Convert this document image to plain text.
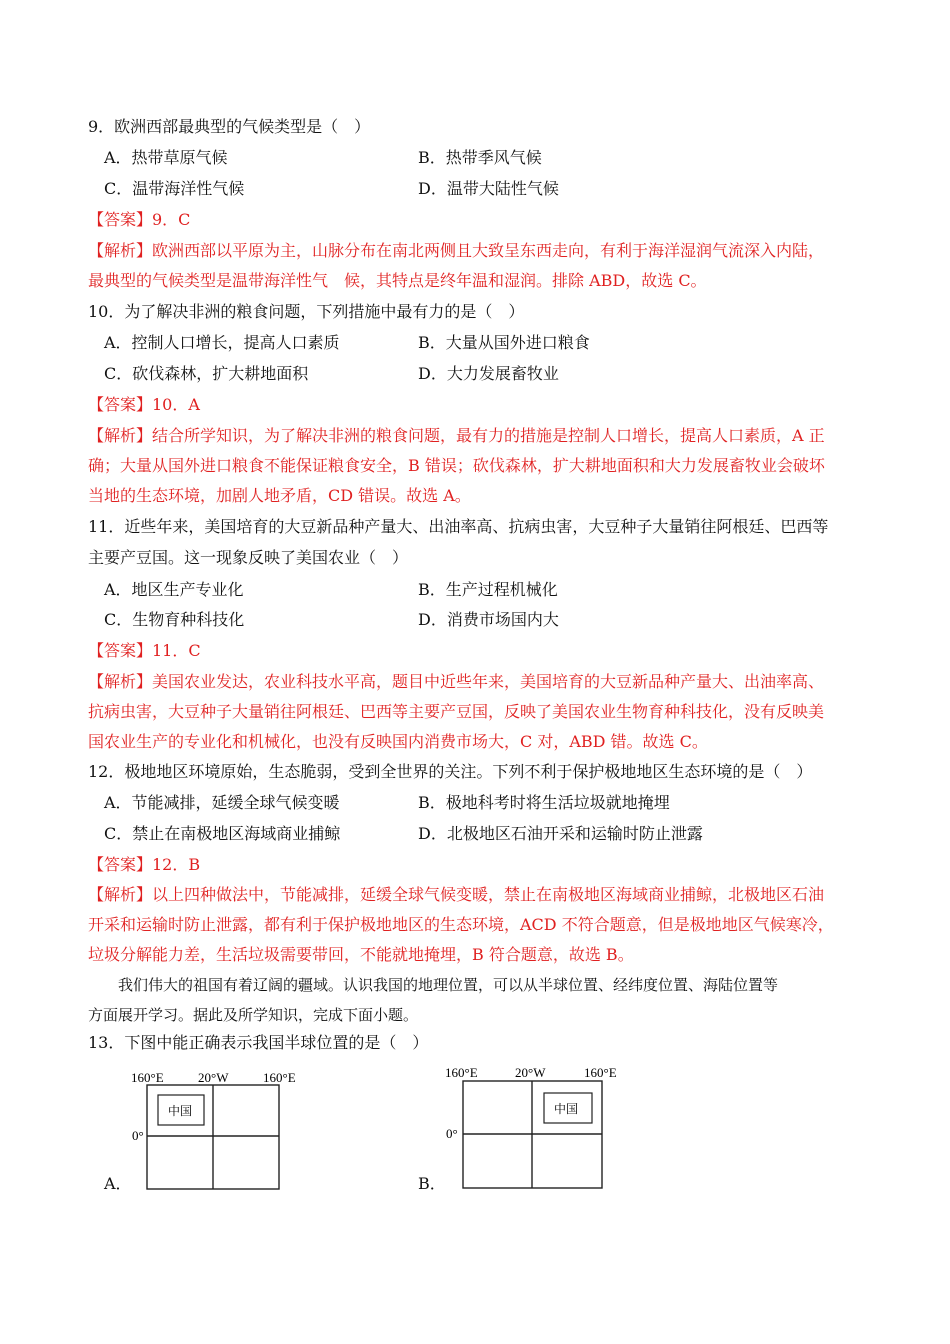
9．欧洲西部最典型的气候类型是（　）
A．热带草原气候	B．热带季风气候
C．温带海洋性气候	D．温带大陆性气候
【答案】9．C
【解析】欧洲西部以平原为主，山脉分布在南北两侧且大致呈东西走向，有利于海洋湿润气流深入内陆，
最典型的气候类型是温带海洋性气　候，其特点是终年温和湿润。排除 ABD，故选 C。
10．为了解决非洲的粮食问题，下列措施中最有力的是（　）
A．控制人口增长，提高人口素质	B．大量从国外进口粮食
C．砍伐森林，扩大耕地面积	D．大力发展畜牧业
【答案】10．A
【解析】结合所学知识，为了解决非洲的粮食问题，最有力的措施是控制人口增长，提高人口素质，A 正
确；大量从国外进口粮食不能保证粮食安全，B 错误；砍伐森林，扩大耕地面积和大力发展畜牧业会破坏
当地的生态环境，加剧人地矛盾，CD 错误。故选 A。
11．近些年来，美国培育的大豆新品种产量大、出油率高、抗病虫害，大豆种子大量销往阿根廷、巴西等
主要产豆国。这一现象反映了美国农业（　）
A．地区生产专业化	B．生产过程机械化
C．生物育种科技化	D．消费市场国内大
【答案】11．C
【解析】美国农业发达，农业科技水平高，题目中近些年来，美国培育的大豆新品种产量大、出油率高、
抗病虫害，大豆种子大量销往阿根廷、巴西等主要产豆国，反映了美国农业生物育种科技化，没有反映美
国农业生产的专业化和机械化，也没有反映国内消费市场大，C 对，ABD 错。故选 C。
12．极地地区环境原始，生态脆弱，受到全世界的关注。下列不利于保护极地地区生态环境的是（　）
A．节能减排，延缓全球气候变暖	B．极地科考时将生活垃圾就地掩埋
C．禁止在南极地区海域商业捕鲸	D．北极地区石油开采和运输时防止泄露
【答案】12．B
【解析】以上四种做法中，节能减排，延缓全球气候变暖，禁止在南极地区海域商业捕鲸，北极地区石油
开采和运输时防止泄露，都有利于保护极地地区的生态环境，ACD 不符合题意，但是极地地区气候寒冷，
垃圾分解能力差，生活垃圾需要带回，不能就地掩埋，B 符合题意，故选 B。
　　我们伟大的祖国有着辽阔的疆域。认识我国的地理位置，可以从半球位置、经纬度位置、海陆位置等
方面展开学习。据此及所学知识，完成下面小题。
13．下图中能正确表示我国半球位置的是（　）
160°E	20°W	160°E
0°
中国
A．
160°E	20°W	160°E
0°
中国
B．
